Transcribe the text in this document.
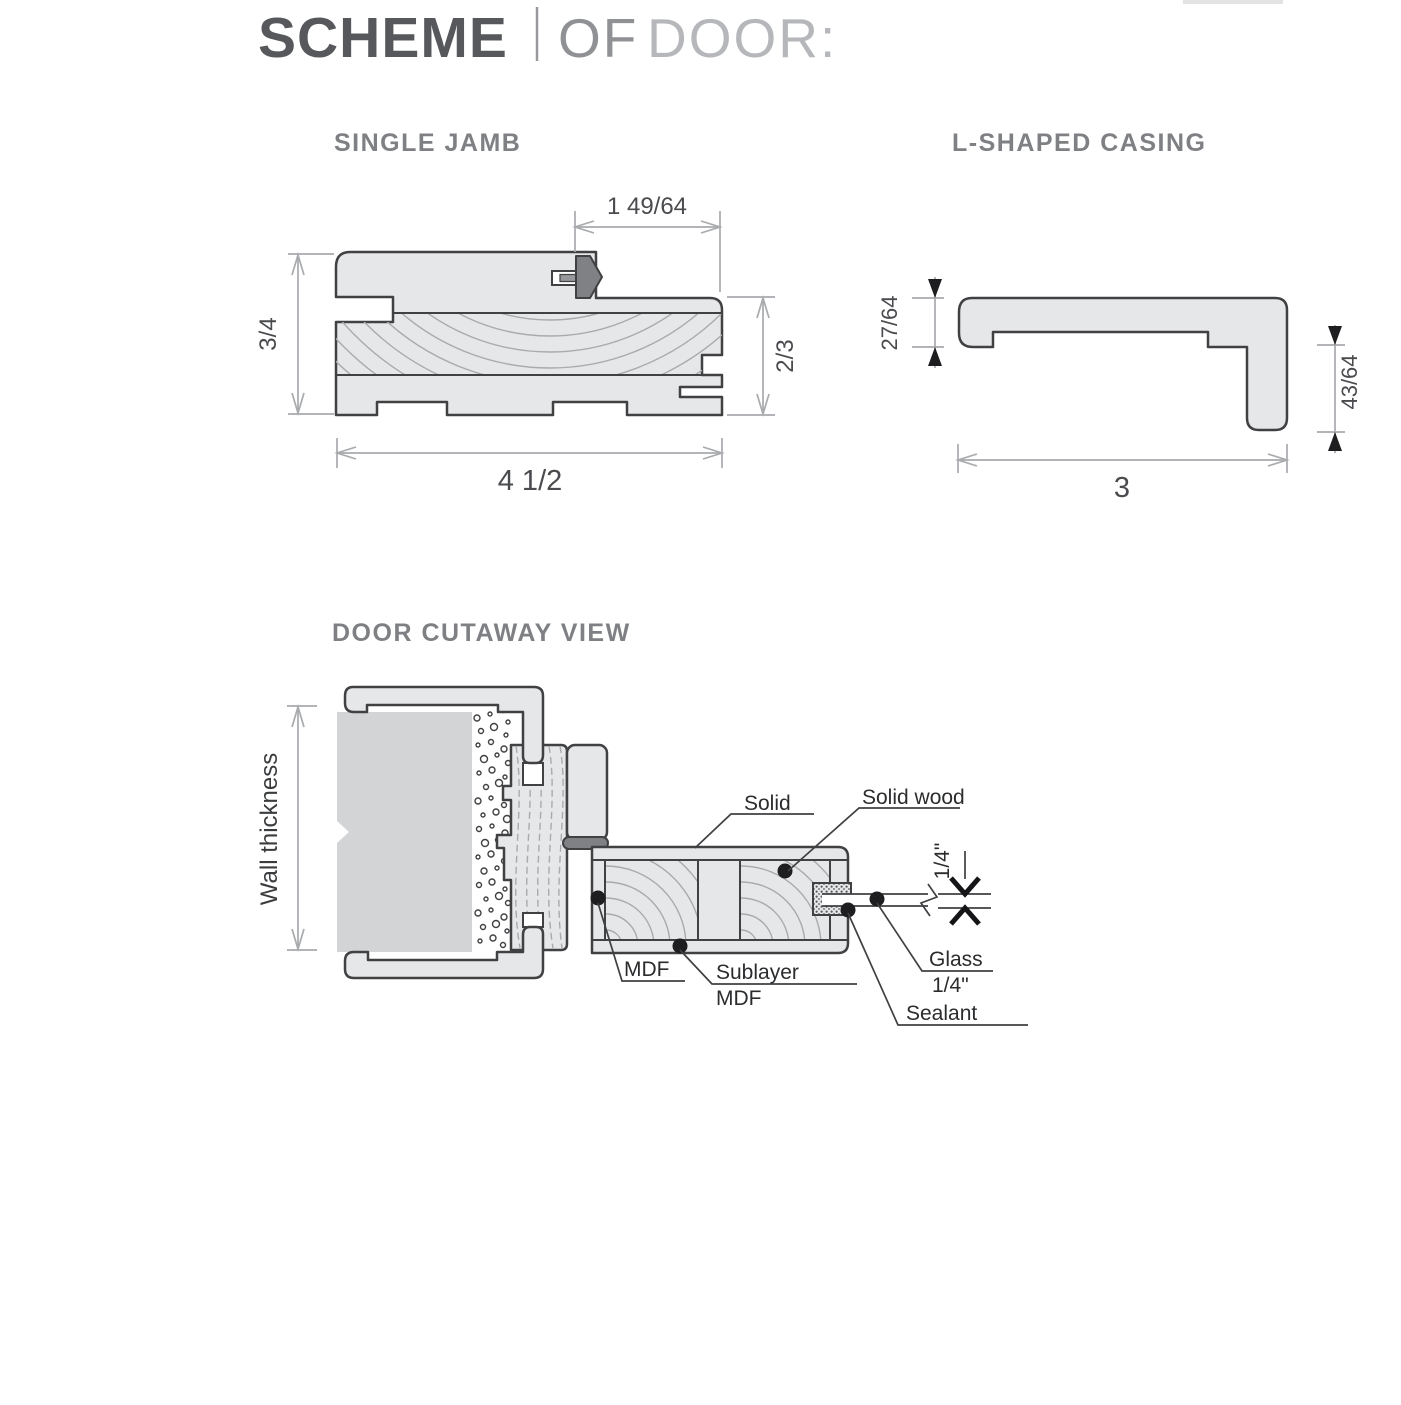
SCHEME OF DOOR:
SINGLE JAMB
1 49/64
3/4
2/3
4 1/2
L-SHAPED CASING
27/64
43/64
3
DOOR CUTAWAY VIEW
Wall thickness	1/4"
Solid	Solid wood
MDF Sublayer
MDF
Glass
1/4"
Sealant
